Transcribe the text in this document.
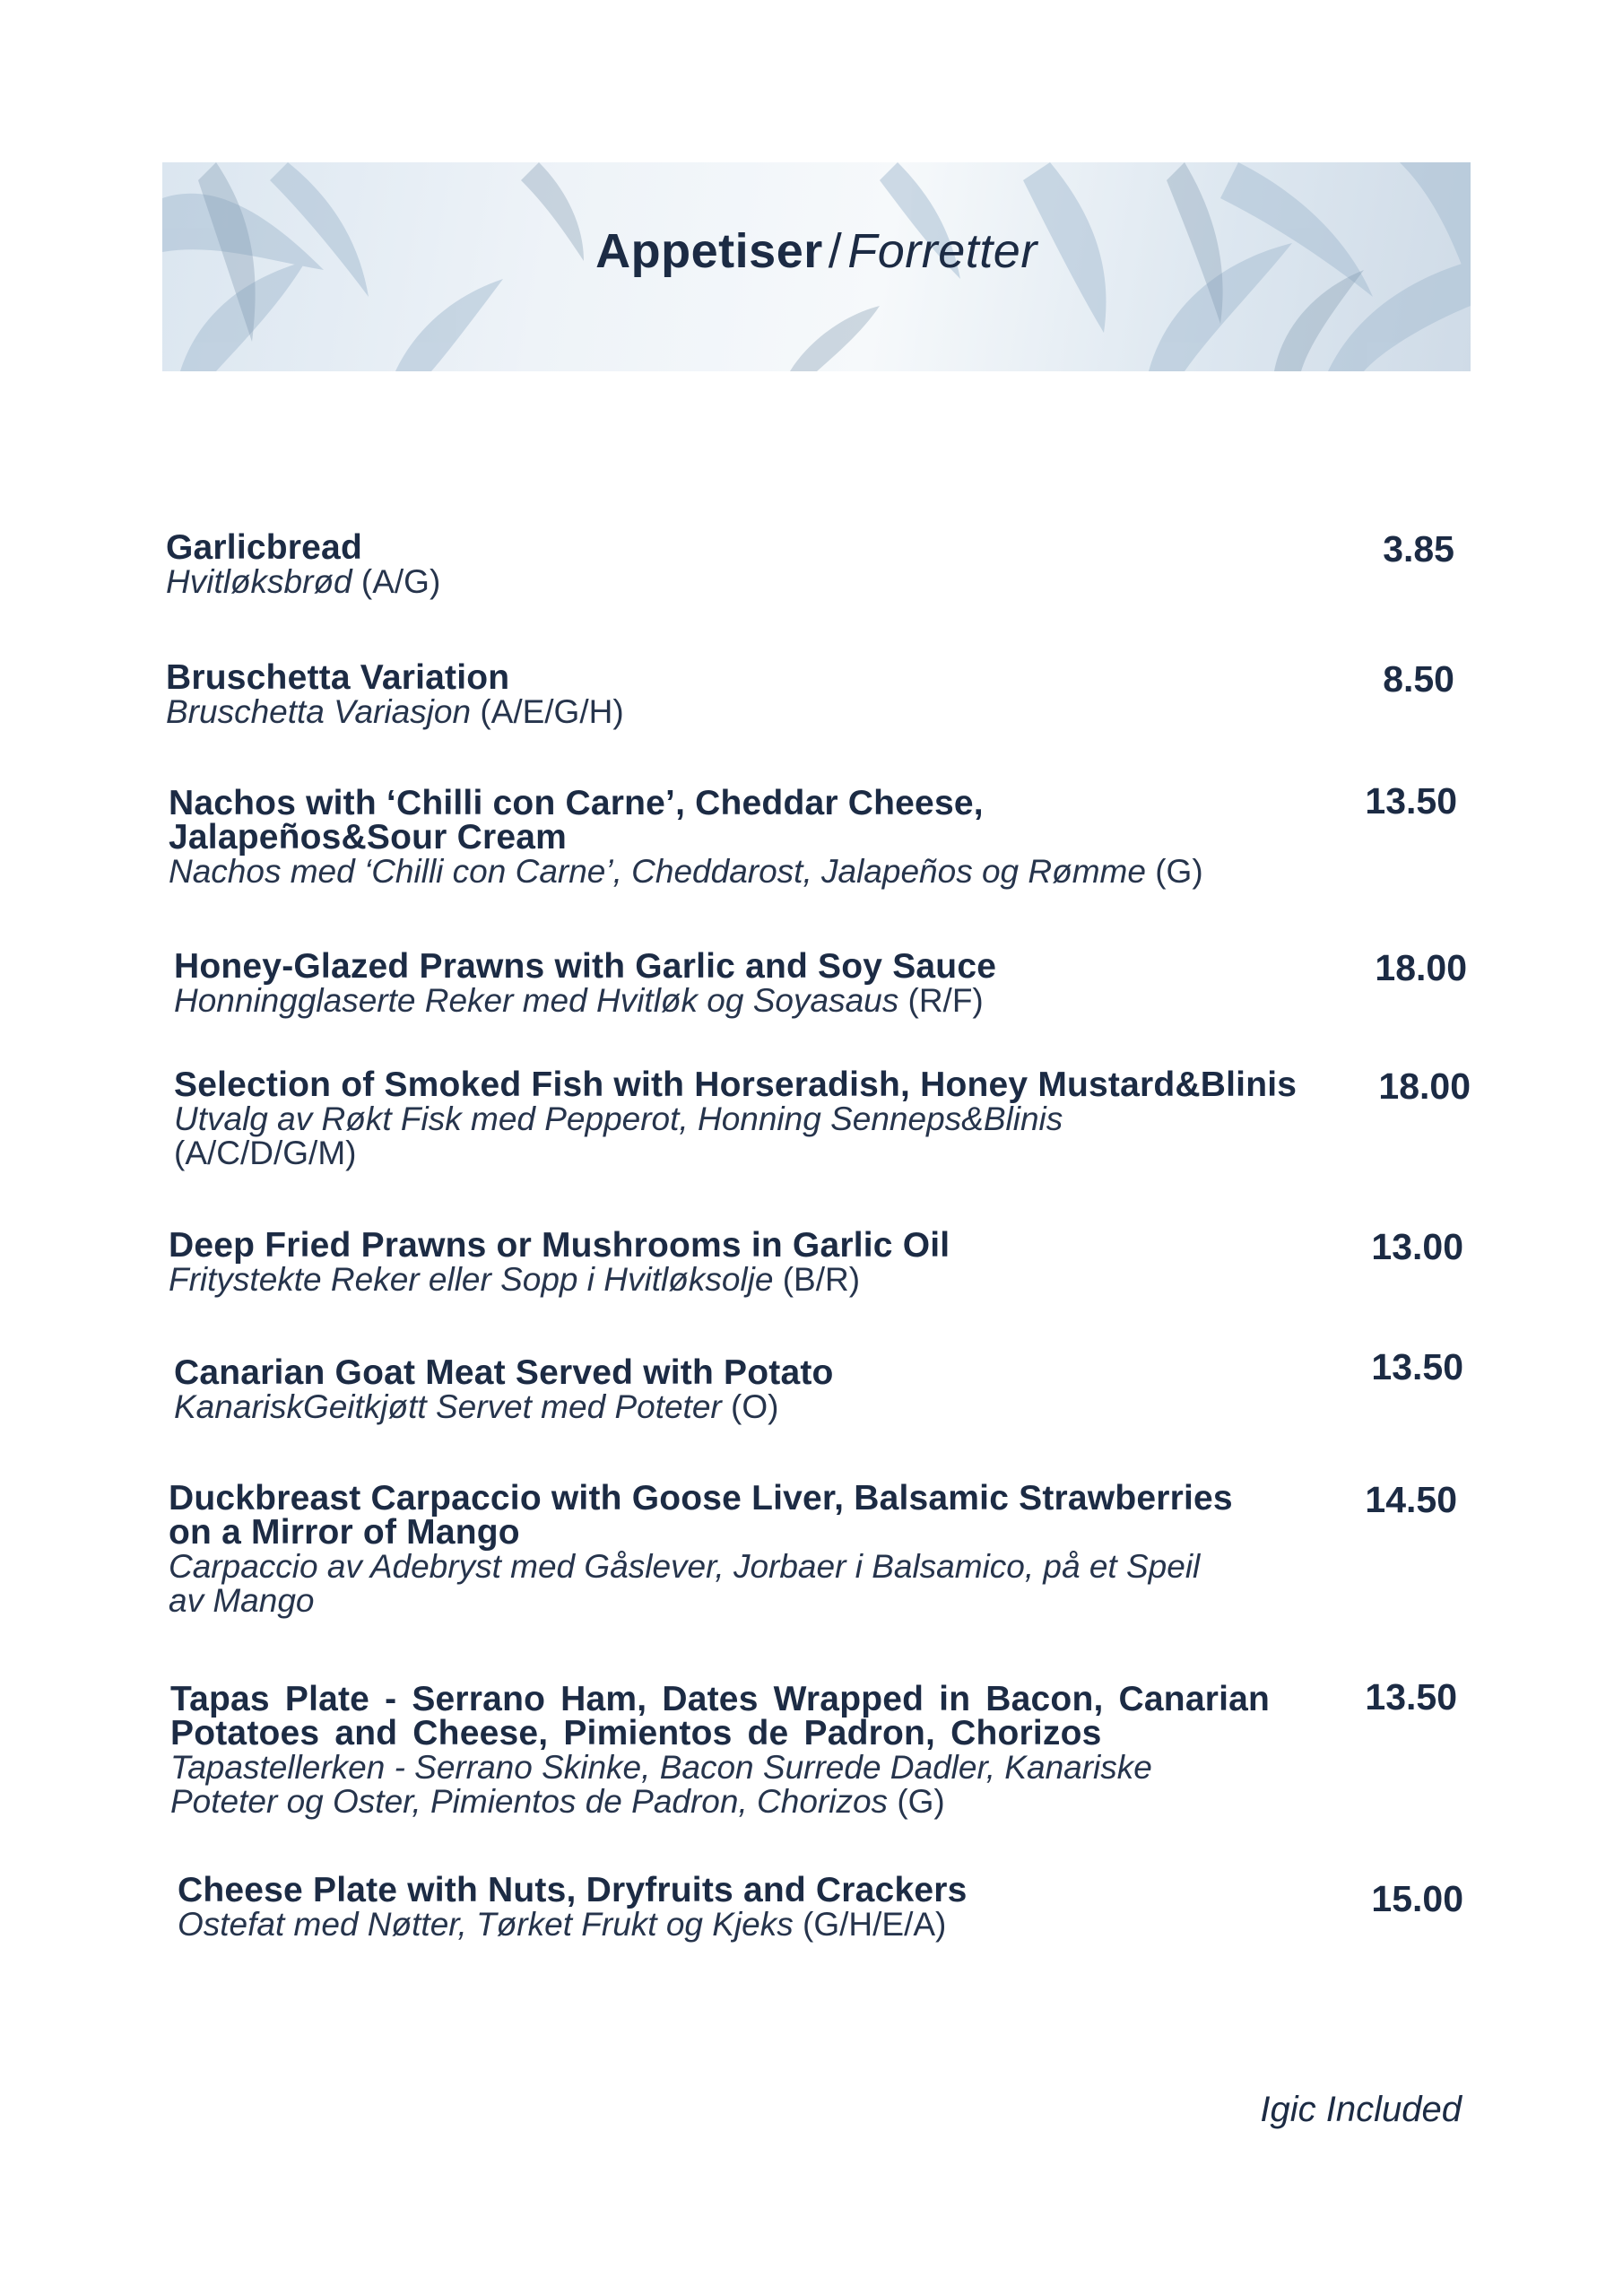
Appetiser / Forretter
Garlicbread
Hvitløksbrød (A/G)
3.85
Bruschetta Variation
Bruschetta Variasjon (A/E/G/H)
8.50
Nachos with ‘Chilli con Carne’, Cheddar Cheese,
Jalapeños&Sour Cream
Nachos med ‘Chilli con Carne’, Cheddarost, Jalapeños og Rømme (G)
13.50
Honey-Glazed Prawns with Garlic and Soy Sauce
Honningglaserte Reker med Hvitløk og Soyasaus (R/F)
18.00
Selection of Smoked Fish with Horseradish, Honey Mustard&Blinis
Utvalg av Røkt Fisk med Pepperot, Honning Senneps&Blinis
(A/C/D/G/M)
18.00
Deep Fried Prawns or Mushrooms in Garlic Oil
Fritystekte Reker eller Sopp i Hvitløksolje (B/R)
13.00
Canarian Goat Meat Served with Potato
KanariskGeitkjøtt Servet med Poteter (O)
13.50
Duckbreast Carpaccio with Goose Liver, Balsamic Strawberries
on a Mirror of Mango
Carpaccio av Adebryst med Gåslever, Jorbaer i Balsamico, på et Speil
av Mango
14.50
Tapas Plate - Serrano Ham, Dates Wrapped in Bacon, Canarian
Potatoes and Cheese, Pimientos de Padron, Chorizos
Tapastellerken - Serrano Skinke, Bacon Surrede Dadler, Kanariske
Poteter og Oster, Pimientos de Padron, Chorizos (G)
13.50
Cheese Plate with Nuts, Dryfruits and Crackers
Ostefat med Nøtter, Tørket Frukt og Kjeks (G/H/E/A)
15.00
Igic Included
